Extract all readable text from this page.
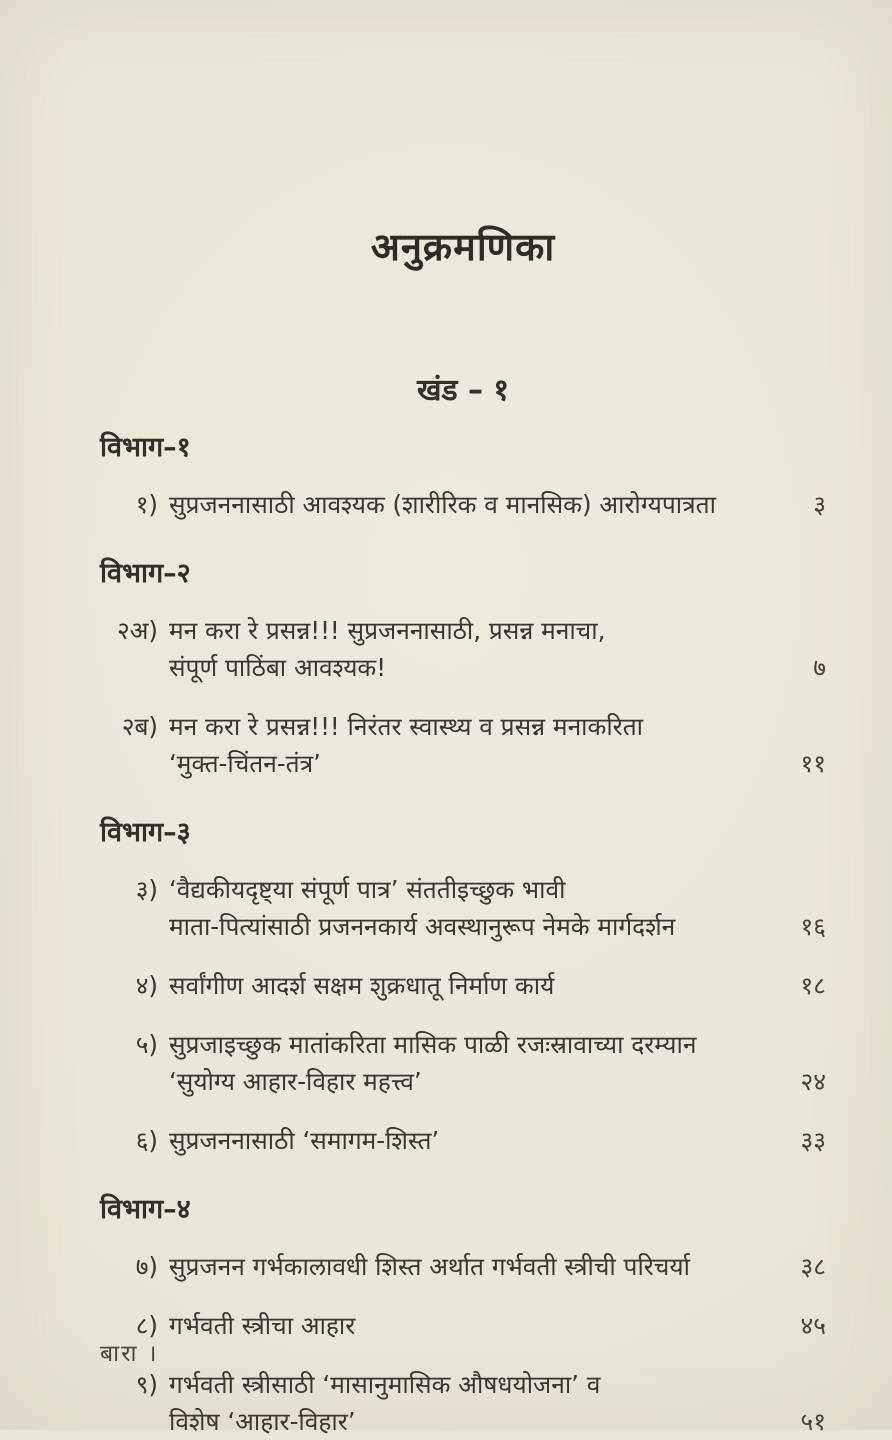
अनुक्रमणिका
खंड – १
विभाग–१
१) सुप्रजननासाठी आवश्यक (शारीरिक व मानसिक) आरोग्यपात्रता	३
विभाग–२
२अ) मन करा रे प्रसन्न!!! सुप्रजननासाठी, प्रसन्न मनाचा,
संपूर्ण पाठिंबा आवश्यक!	७
२ब) मन करा रे प्रसन्न!!! निरंतर स्वास्थ्य व प्रसन्न मनाकरिता
‘मुक्त-चिंतन-तंत्र’	११
विभाग–३
३) ‘वैद्यकीयदृष्ट्या संपूर्ण पात्र’ संततीइच्छुक भावी
माता-पित्यांसाठी प्रजननकार्य अवस्थानुरूप नेमके मार्गदर्शन	१६
४) सर्वांगीण आदर्श सक्षम शुक्रधातू निर्माण कार्य	१८
५) सुप्रजाइच्छुक मातांकरिता मासिक पाळी रजःस्रावाच्या दरम्यान
‘सुयोग्य आहार-विहार महत्त्व’	२४
६) सुप्रजननासाठी ‘समागम-शिस्त’	३३
विभाग–४
७) सुप्रजनन गर्भकालावधी शिस्त अर्थात गर्भवती स्त्रीची परिचर्या	३८
८) गर्भवती स्त्रीचा आहार	४५
९) गर्भवती स्त्रीसाठी ‘मासानुमासिक औषधयोजना’ व
विशेष ‘आहार-विहार’	५१
बारा ।
